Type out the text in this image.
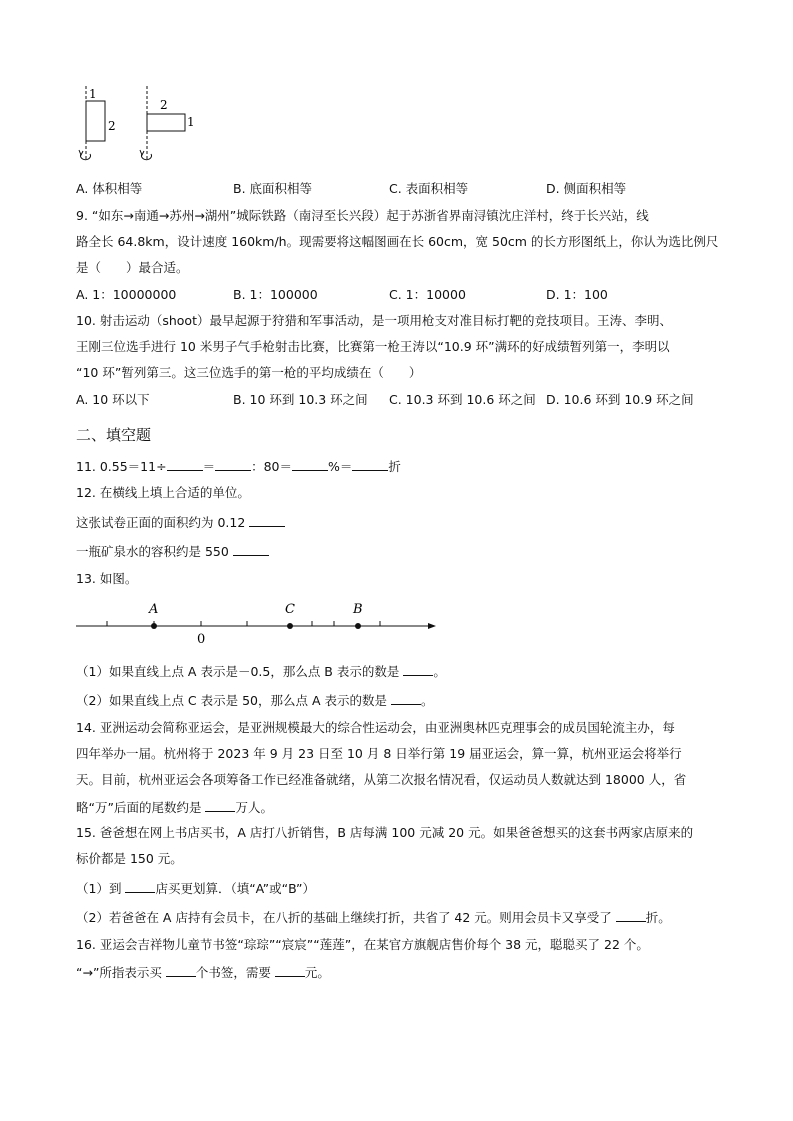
1
2
2
1
A. 体积相等	B. 底面积相等	C. 表面积相等	D. 侧面积相等
9. “如东→南通→苏州→湖州”城际铁路（南浔至长兴段）起于苏浙省界南浔镇沈庄洋村，终于长兴站，线
路全长 64.8km，设计速度 160km/h。现需要将这幅图画在长 60cm，宽 50cm 的长方形图纸上，你认为选比例尺
是（　　）最合适。
A. 1：10000000	B. 1：100000	C. 1：10000	D. 1：100
10. 射击运动（shoot）最早起源于狩猎和军事活动，是一项用枪支对准目标打靶的竞技项目。王涛、李明、
王刚三位选手进行 10 米男子气手枪射击比赛，比赛第一枪王涛以“10.9 环”满环的好成绩暂列第一，李明以
“10 环”暂列第三。这三位选手的第一枪的平均成绩在（　　）
A. 10 环以下	B. 10 环到 10.3 环之间 C. 10.3 环到 10.6 环之间 D. 10.6 环到 10.9 环之间
二、填空题
11. 0.55＝11÷	＝	：80＝	%＝	折
12. 在横线上填上合适的单位。
这张试卷正面的面积约为 0.12
一瓶矿泉水的容积约是 550
13. 如图。
A	C	B
0
（1）如果直线上点 A 表示是－0.5，那么点 B 表示的数是	。
（2）如果直线上点 C 表示是 50，那么点 A 表示的数是	。
14. 亚洲运动会简称亚运会，是亚洲规模最大的综合性运动会，由亚洲奥林匹克理事会的成员国轮流主办，每
四年举办一届。杭州将于 2023 年 9 月 23 日至 10 月 8 日举行第 19 届亚运会，算一算，杭州亚运会将举行
天。目前，杭州亚运会各项筹备工作已经准备就绪，从第二次报名情况看，仅运动员人数就达到 18000 人，省
略“万”后面的尾数约是	万人。
15. 爸爸想在网上书店买书，A 店打八折销售，B 店每满 100 元减 20 元。如果爸爸想买的这套书两家店原来的
标价都是 150 元。
（1）到	店买更划算．（填“A”或“B”）
（2）若爸爸在 A 店持有会员卡，在八折的基础上继续打折，共省了 42 元。则用会员卡又享受了	折。
16. 亚运会吉祥物儿童节书签“琮琮”“宸宸”“莲莲”，在某官方旗舰店售价每个 38 元，聪聪买了 22 个。
“→”所指表示买	个书签，需要	元。
